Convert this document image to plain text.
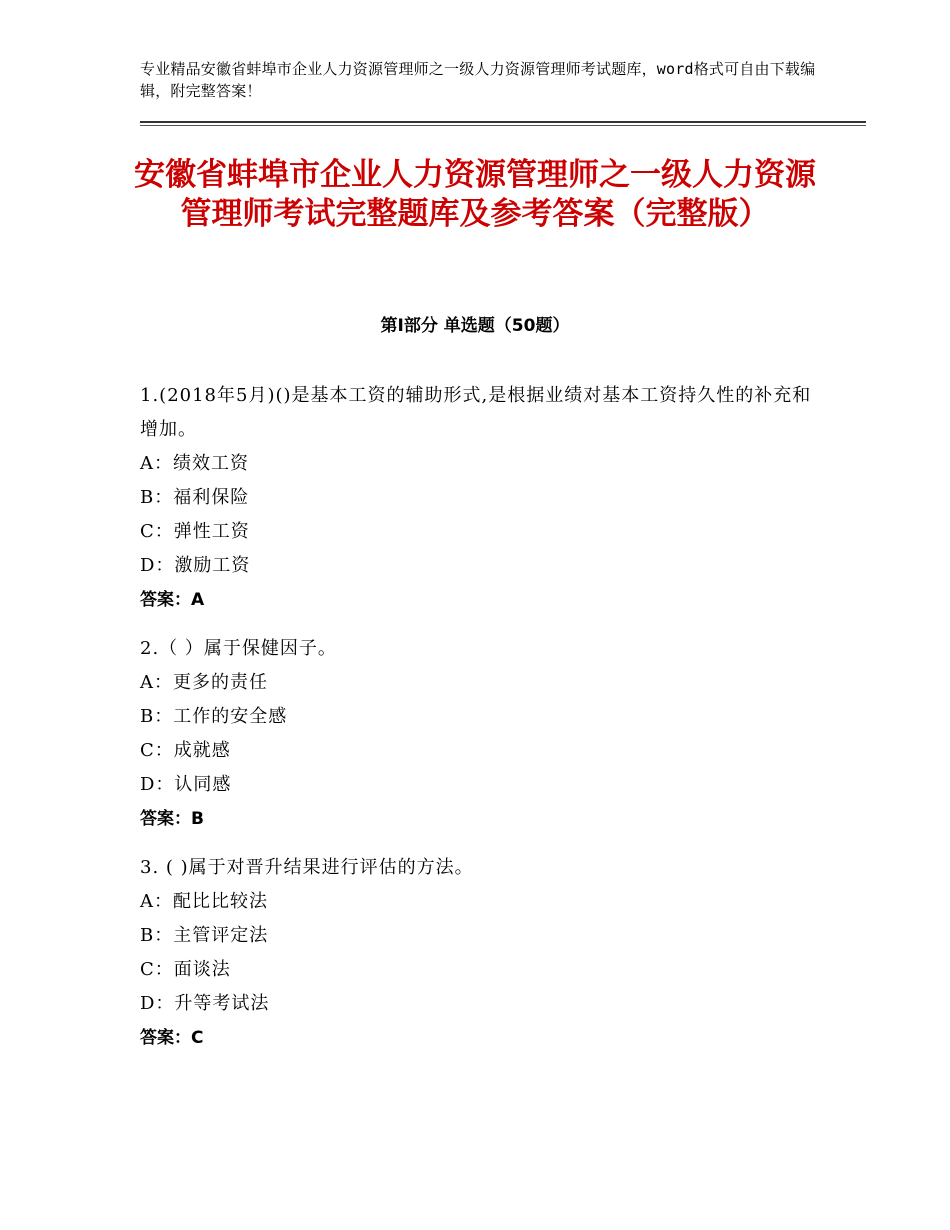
专业精品安徽省蚌埠市企业人力资源管理师之一级人力资源管理师考试题库，word格式可自由下载编辑，附完整答案！
安徽省蚌埠市企业人力资源管理师之一级人力资源管理师考试完整题库及参考答案（完整版）
第Ⅰ部分 单选题（50题）

1.(2018年5月)()是基本工资的辅助形式,是根据业绩对基本工资持久性的补充和增加。

A：绩效工资

B：福利保险

C：弹性工资

D：激励工资

答案：A

2.（ ）属于保健因子。

A：更多的责任

B：工作的安全感

C：成就感

D：认同感

答案：B

3. ( )属于对晋升结果进行评估的方法。

A：配比比较法

B：主管评定法

C：面谈法

D：升等考试法

答案：C
